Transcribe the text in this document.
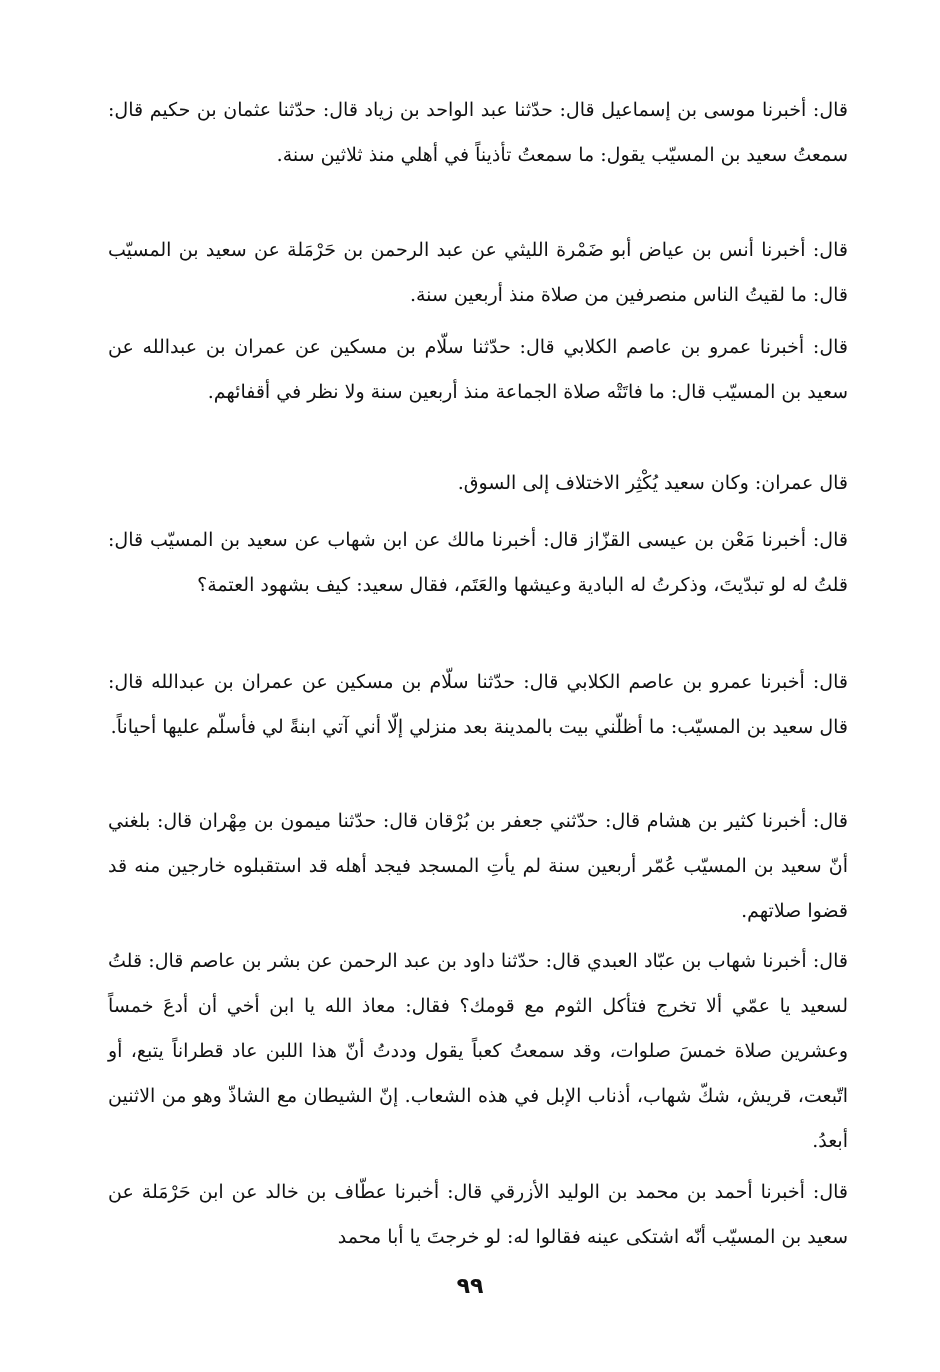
قال: أخبرنا موسى بن إسماعيل قال: حدّثنا عبد الواحد بن زياد قال: حدّثنا عثمان بن حكيم قال: سمعتُ سعيد بن المسيّب يقول: ما سمعتُ تأذيناً في أهلي منذ ثلاثين سنة.

قال: أخبرنا أنس بن عياض أبو ضَمْرة الليثي عن عبد الرحمن بن حَرْمَلة عن سعيد بن المسيّب قال: ما لقيتُ الناس منصرفين من صلاة منذ أربعين سنة.

قال: أخبرنا عمرو بن عاصم الكلابي قال: حدّثنا سلّام بن مسكين عن عمران بن عبدالله عن سعيد بن المسيّب قال: ما فاتَتْه صلاة الجماعة منذ أربعين سنة ولا نظر في أقفائهم.

قال عمران: وكان سعيد يُكْثِر الاختلاف إلى السوق.

قال: أخبرنا مَعْن بن عيسى القزّاز قال: أخبرنا مالك عن ابن شهاب عن سعيد بن المسيّب قال: قلتُ له لو تبدّيتَ، وذكرتُ له البادية وعيشها والعَتَم، فقال سعيد: كيف بشهود العتمة؟

قال: أخبرنا عمرو بن عاصم الكلابي قال: حدّثنا سلّام بن مسكين عن عمران بن عبدالله قال: قال سعيد بن المسيّب: ما أظلّني بيت بالمدينة بعد منزلي إلّا أني آتي ابنةً لي فأسلّم عليها أحياناً.

قال: أخبرنا كثير بن هشام قال: حدّثني جعفر بن بُرْقان قال: حدّثنا ميمون بن مِهْران قال: بلغني أنّ سعيد بن المسيّب عُمّر أربعين سنة لم يأتِ المسجد فيجد أهله قد استقبلوه خارجين منه قد قضوا صلاتهم.

قال: أخبرنا شهاب بن عبّاد العبدي قال: حدّثنا داود بن عبد الرحمن عن بشر بن عاصم قال: قلتُ لسعيد يا عمّي ألا تخرج فتأكل الثوم مع قومك؟ فقال: معاذ الله يا ابن أخي أن أدعَ خمساً وعشرين صلاة خمسَ صلوات، وقد سمعتُ كعباً يقول وددتُ أنّ هذا اللبن عاد قطراناً يتبع، أو اتّبعت، قريش، شكّ شهاب، أذناب الإبل في هذه الشعاب. إنّ الشيطان مع الشاذّ وهو من الاثنين أبعدُ.

قال: أخبرنا أحمد بن محمد بن الوليد الأزرقي قال: أخبرنا عطّاف بن خالد عن ابن حَرْمَلة عن سعيد بن المسيّب أنّه اشتكى عينه فقالوا له: لو خرجتَ يا أبا محمد

٩٩
